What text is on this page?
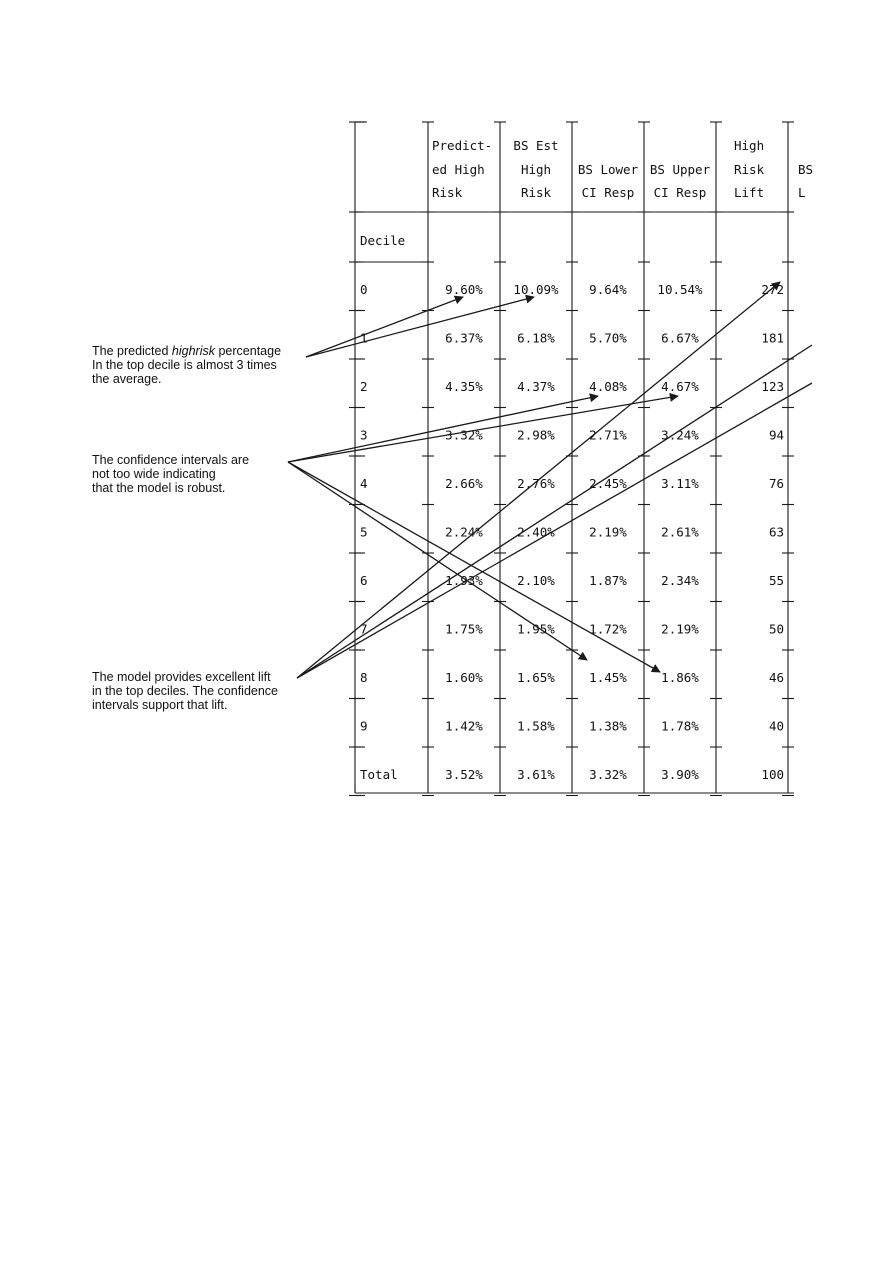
Predict-
ed High
Risk
BS Est
High
Risk
BS Lower
CI Resp
BS Upper
CI Resp
High
Risk
Lift
BS
L
Decile
0	9.60% 10.09% 9.64% 10.54%	272
1	6.37%	6.18%	5.70%	6.67%	181
2	4.35%	4.37%	4.08%	4.67%	123
3	3.32%	2.98%	2.71%	3.24%	94
4	2.66%	2.76%	2.45%	3.11%	76
5	2.24%	2.40%	2.19%	2.61%	63
6	1.93%	2.10%	1.87%	2.34%	55
7	1.75%	1.95%	1.72%	2.19%	50
8	1.60%	1.65%	1.45%	1.86%	46
9	1.42%	1.58%	1.38%	1.78%	40
Total	3.52%	3.61%	3.32%	3.90%	100
The predicted highrisk percentage In the top decile is almost 3 times the average.
The confidence intervals are not too wide indicating that the model is robust.
The model provides excellent lift in the top deciles. The confidence intervals support that lift.
